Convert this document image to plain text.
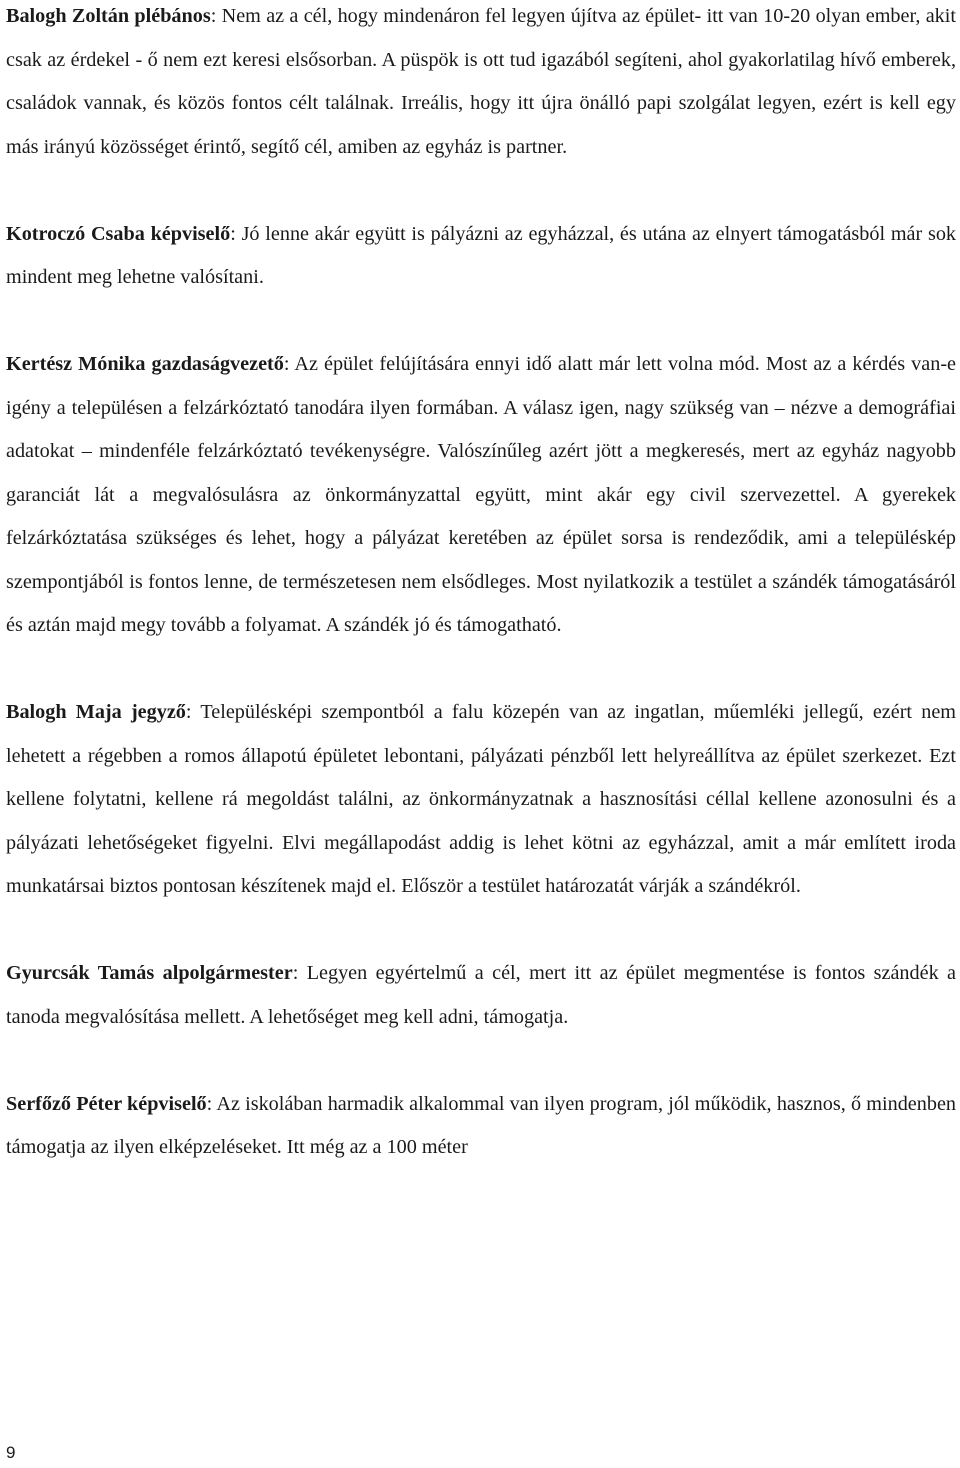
Balogh Zoltán plébános: Nem az a cél, hogy mindenáron fel legyen újítva az épület- itt van 10-20 olyan ember, akit csak az érdekel - ő nem ezt keresi elsősorban. A püspök is ott tud igazából segíteni, ahol gyakorlatilag hívő emberek, családok vannak, és közös fontos célt találnak. Irreális, hogy itt újra önálló papi szolgálat legyen, ezért is kell egy más irányú közösséget érintő, segítő cél, amiben az egyház is partner.

Kotroczó Csaba képviselő: Jó lenne akár együtt is pályázni az egyházzal, és utána az elnyert támogatásból már sok mindent meg lehetne valósítani.

Kertész Mónika gazdaságvezető: Az épület felújítására ennyi idő alatt már lett volna mód. Most az a kérdés van-e igény a településen a felzárkóztató tanodára ilyen formában. A válasz igen, nagy szükség van – nézve a demográfiai adatokat – mindenféle felzárkóztató tevékenységre. Valószínűleg azért jött a megkeresés, mert az egyház nagyobb garanciát lát a megvalósulásra az önkormányzattal együtt, mint akár egy civil szervezettel. A gyerekek felzárkóztatása szükséges és lehet, hogy a pályázat keretében az épület sorsa is rendeződik, ami a településkép szempontjából is fontos lenne, de természetesen nem elsődleges. Most nyilatkozik a testület a szándék támogatásáról és aztán majd megy tovább a folyamat. A szándék jó és támogatható.

Balogh Maja jegyző: Településképi szempontból a falu közepén van az ingatlan, műemléki jellegű, ezért nem lehetett a régebben a romos állapotú épületet lebontani, pályázati pénzből lett helyreállítva az épület szerkezet. Ezt kellene folytatni, kellene rá megoldást találni, az önkormányzatnak a hasznosítási céllal kellene azonosulni és a pályázati lehetőségeket figyelni. Elvi megállapodást addig is lehet kötni az egyházzal, amit a már említett iroda munkatársai biztos pontosan készítenek majd el. Először a testület határozatát várják a szándékról.

Gyurcsák Tamás alpolgármester: Legyen egyértelmű a cél, mert itt az épület megmentése is fontos szándék a tanoda megvalósítása mellett. A lehetőséget meg kell adni, támogatja.

Serfőző Péter képviselő: Az iskolában harmadik alkalommal van ilyen program, jól működik, hasznos, ő mindenben támogatja az ilyen elképzeléseket. Itt még az a 100 méter

9
